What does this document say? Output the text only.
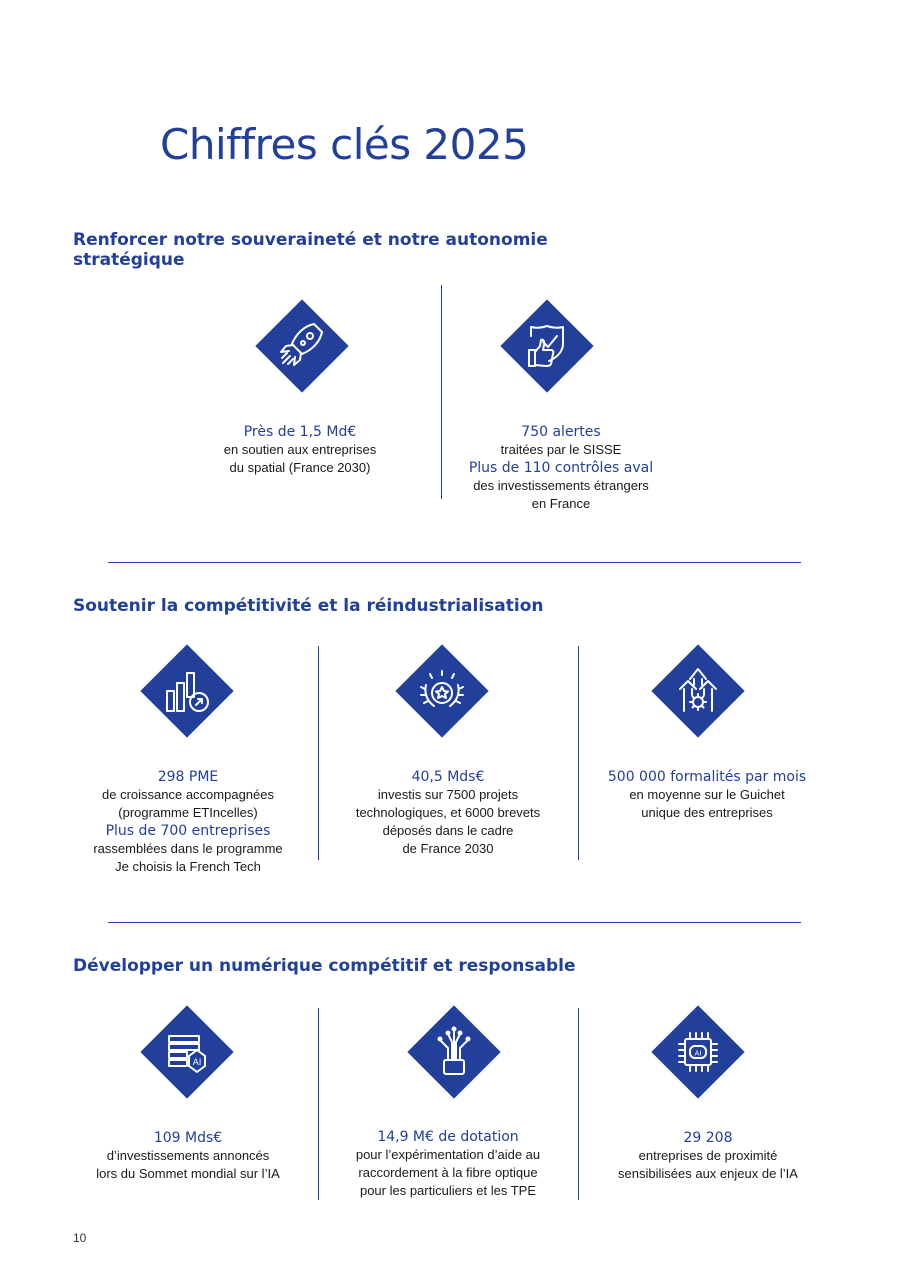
Chiffres clés 2025
Renforcer notre souveraineté et notre autonomie
stratégique
Près de 1,5 Md€
en soutien aux entreprises
du spatial (France 2030)
750 alertes
traitées par le SISSE
Plus de 110 contrôles aval
des investissements étrangers
en France
Soutenir la compétitivité et la réindustrialisation
298 PME
de croissance accompagnées
(programme ETIncelles)
Plus de 700 entreprises
rassemblées dans le programme
Je choisis la French Tech
40,5 Mds€
investis sur 7500 projets
technologiques, et 6000 brevets
déposés dans le cadre
de France 2030
500 000 formalités par mois
en moyenne sur le Guichet
unique des entreprises
Développer un numérique compétitif et responsable
AI
AI
109 Mds€
d’investissements annoncés
lors du Sommet mondial sur l’IA
14,9 M€ de dotation
pour l’expérimentation d’aide au
raccordement à la fibre optique
pour les particuliers et les TPE
29 208
entreprises de proximité
sensibilisées aux enjeux de l’IA
10
